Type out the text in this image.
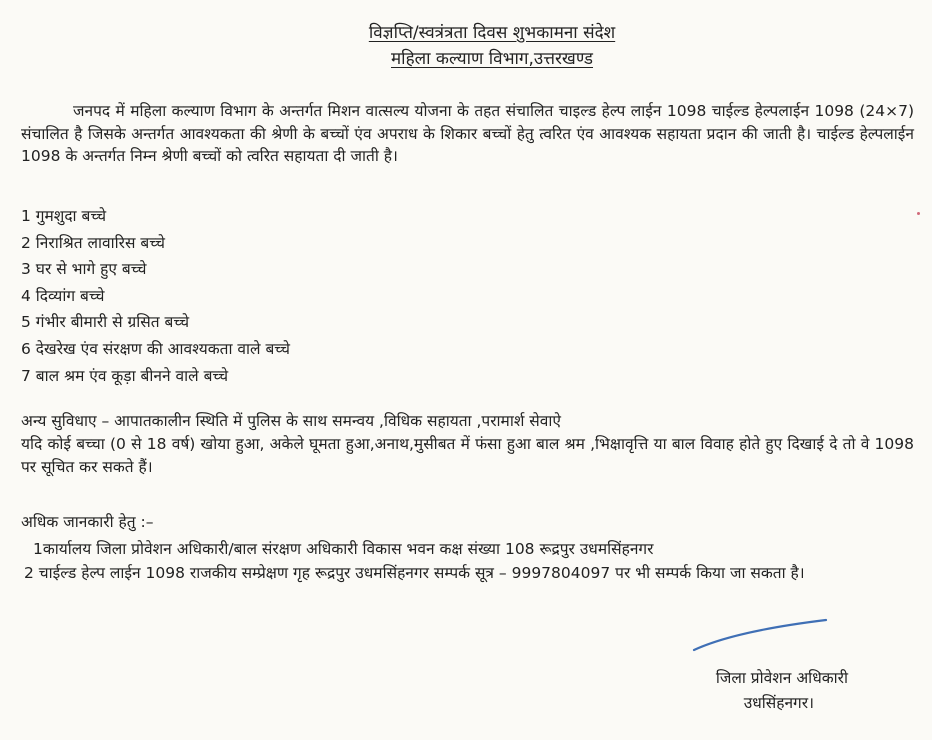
विज्ञप्ति/स्वत्रंत्रता दिवस शुभकामना संदेश
महिला कल्याण विभाग,उत्तरखण्ड

जनपद में महिला कल्याण विभाग के अन्तर्गत मिशन वात्सल्य योजना के तहत संचालित चाइल्ड हेल्प लाईन 1098 चाईल्ड हेल्पलाईन 1098 (24×7) संचालित है जिसके अन्तर्गत आवश्यकता की श्रेणी के बच्चों एंव अपराध के शिकार बच्चों हेतु त्वरित एंव आवश्यक सहायता प्रदान की जाती है। चाईल्ड हेल्पलाईन 1098 के अन्तर्गत निम्न श्रेणी बच्चों को त्वरित सहायता दी जाती है।

1 गुमशुदा बच्चे
2 निराश्रित लावारिस बच्चे
3 घर से भागे हुए बच्चे
4 दिव्यांग बच्चे
5 गंभीर बीमारी से ग्रसित बच्चे
6 देखरेख एंव संरक्षण की आवश्यकता वाले बच्चे
7 बाल श्रम एंव कूड़ा बीनने वाले बच्चे

अन्य सुविधाए – आपातकालीन स्थिति में पुलिस के साथ समन्वय ,विधिक सहायता ,परामार्श सेवाऐ

यदि कोई बच्चा (0 से 18 वर्ष) खोया हुआ, अकेले घूमता हुआ,अनाथ,मुसीबत में फंसा हुआ बाल श्रम ,भिक्षावृत्ति या बाल विवाह होते हुए दिखाई दे तो वे 1098 पर सूचित कर सकते हैं।

अधिक जानकारी हेतु :–

1कार्यालय जिला प्रोवेशन अधिकारी/बाल संरक्षण अधिकारी विकास भवन कक्ष संख्या 108 रूद्रपुर उधमसिंहनगर

2 चाईल्ड हेल्प लाईन 1098 राजकीय सम्प्रेक्षण गृह रूद्रपुर उधमसिंहनगर सम्पर्क सूत्र – 9997804097 पर भी सम्पर्क किया जा सकता है।

जिला प्रोवेशन अधिकारी
उधसिंहनगर।
